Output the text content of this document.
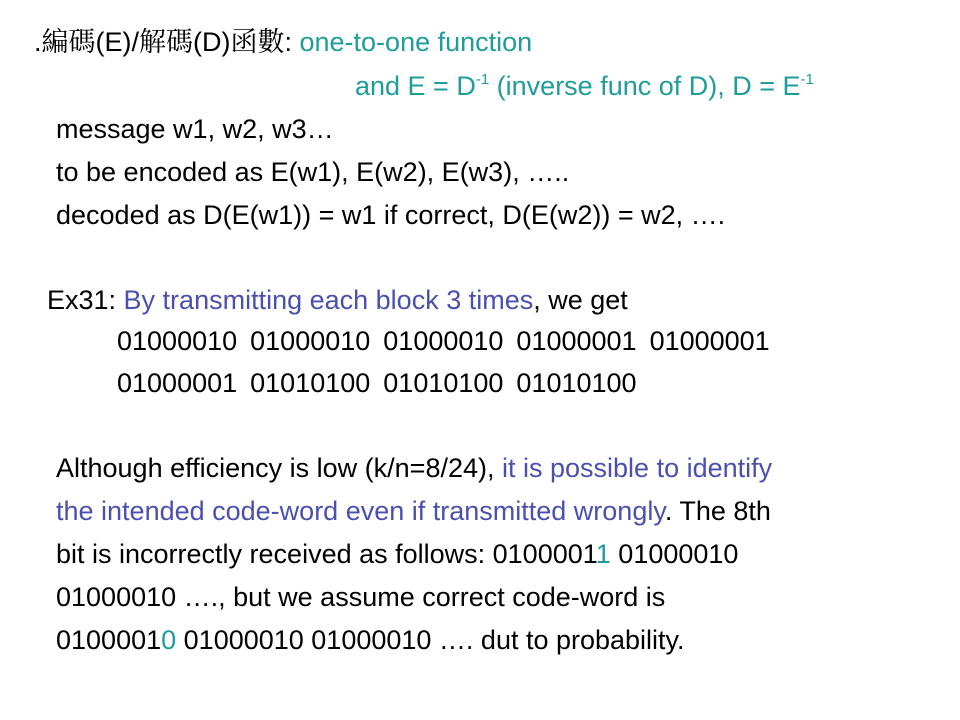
.編碼(E)/解碼(D)函數: one-to-one function
and $E = D^{-1}$ (inverse func of D), $D = E^{-1}$
message w1, w2, w3…
to be encoded as E(w1), E(w2), E(w3), …..
decoded as D(E(w1)) = w1 if correct, D(E(w2)) = w2, ….
Ex31: By transmitting each block 3 times, we get
01000010 01000010 01000010 01000001 01000001
01000001 01010100 01010100 01010100
Although efficiency is low (k/n=8/24), it is possible to identify
the intended code-word even if transmitted wrongly. The 8th
bit is incorrectly received as follows: 01000011 01000010
01000010 …., but we assume correct code-word is
01000010 01000010 01000010 …. dut to probability.
